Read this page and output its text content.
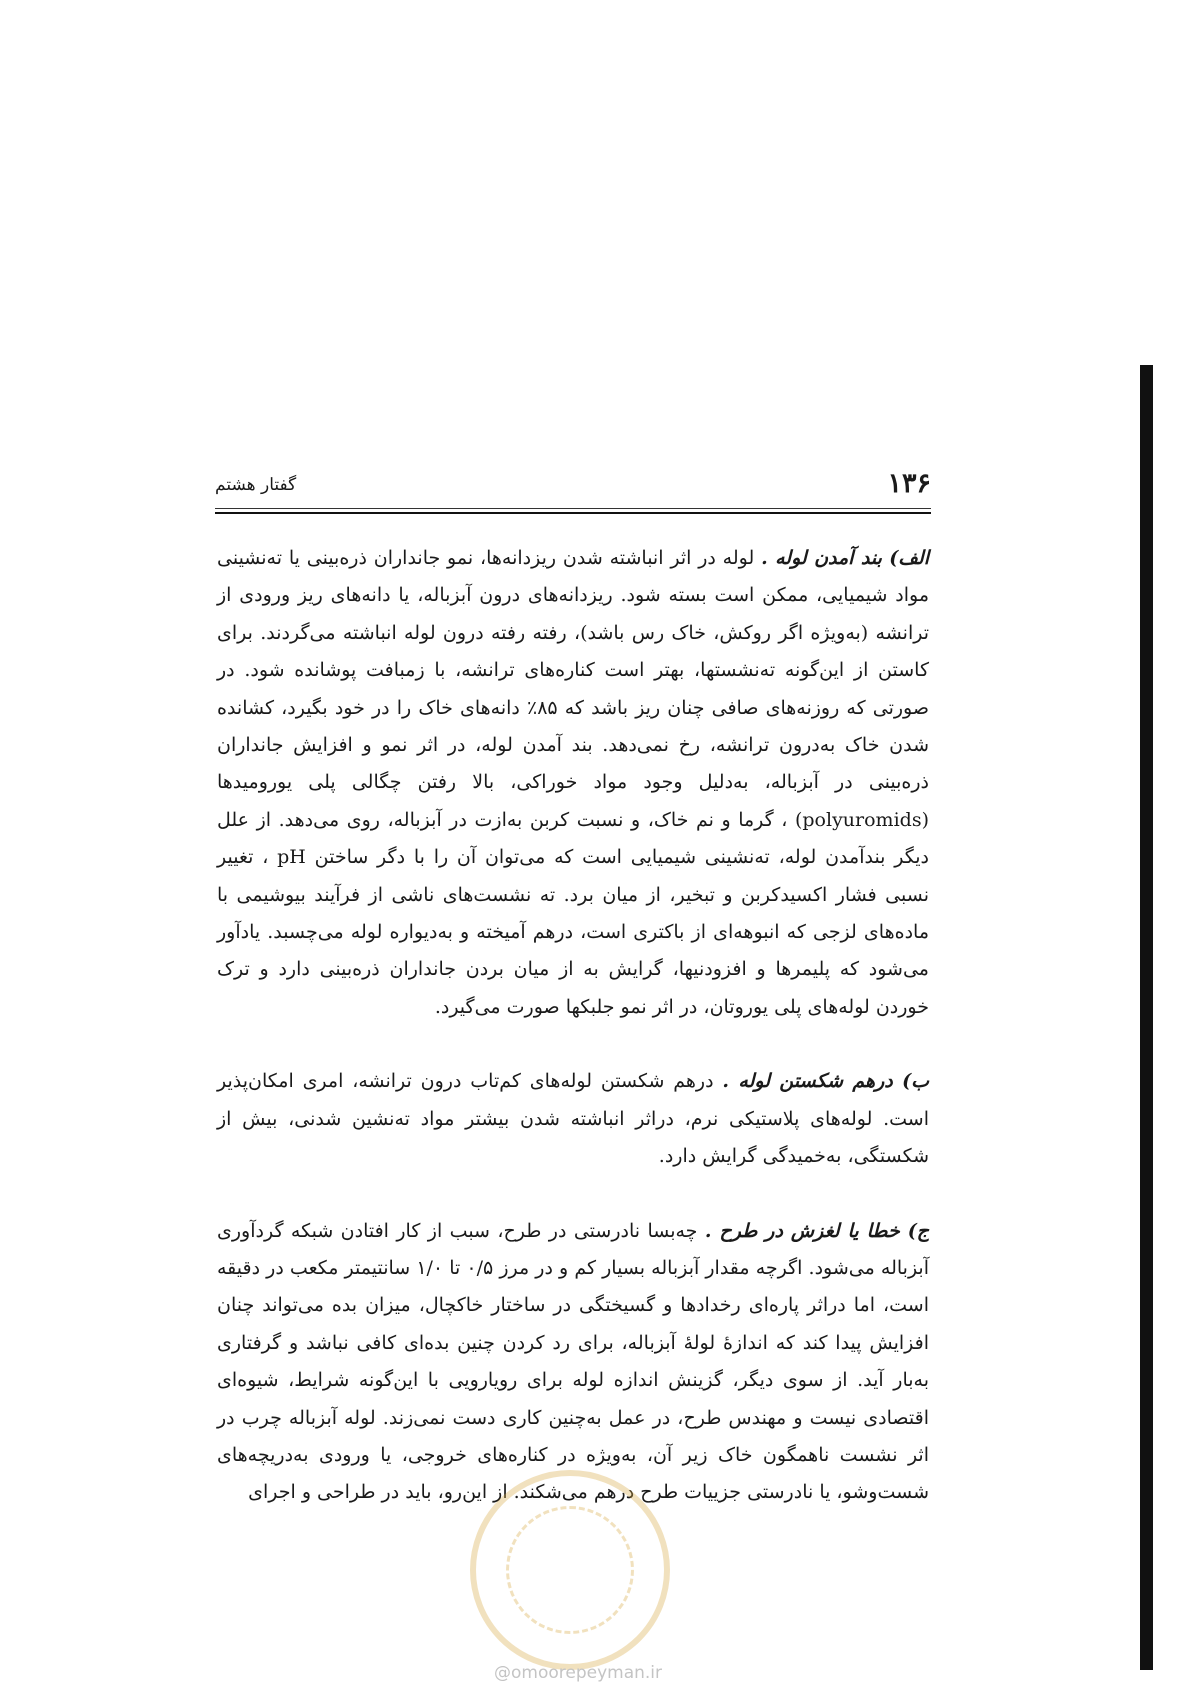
۱۳۶
گفتار هشتم

الف) بند آمدن لوله . لوله در اثر انباشته شدن ریزدانه‌ها، نمو جانداران ذره‌بینی یا ته‌نشینی مواد شیمیایی، ممکن است بسته شود. ریزدانه‌های درون آبزباله، یا دانه‌های ریز ورودی از ترانشه (به‌ویژه اگر روکش، خاک رس باشد)، رفته رفته درون لوله انباشته می‌گردند. برای کاستن از این‌گونه ته‌نشستها، بهتر است کناره‌های ترانشه، با زمبافت پوشانده شود. در صورتی که روزنه‌های صافی چنان ریز باشد که ۸۵٪ دانه‌های خاک را در خود بگیرد، کشانده شدن خاک به‌درون ترانشه، رخ نمی‌دهد. بند آمدن لوله، در اثر نمو و افزایش جانداران ذره‌بینی در آبزباله، به‌دلیل وجود مواد خوراکی، بالا رفتن چگالی پلی یورومیدها (polyuromids) ، گرما و نم خاک، و نسبت کربن به‌ازت در آبزباله، روی می‌دهد. از علل دیگر بندآمدن لوله، ته‌نشینی شیمیایی است که می‌توان آن را با دگر ساختن pH ، تغییر نسبی فشار اکسیدکربن و تبخیر، از میان برد. ته نشست‌های ناشی از فرآیند بیوشیمی با ماده‌های لزجی که انبوهه‌ای از باکتری است، درهم آمیخته و به‌دیواره لوله می‌چسبد. یادآور می‌شود که پلیمرها و افزودنیها، گرایش به از میان بردن جانداران ذره‌بینی دارد و ترک خوردن لوله‌های پلی یوروتان، در اثر نمو جلبکها صورت می‌گیرد.

ب) درهم شکستن لوله . درهم شکستن لوله‌های کم‌تاب درون ترانشه، امری امکان‌پذیر است. لوله‌های پلاستیکی نرم، دراثر انباشته شدن بیشتر مواد ته‌نشین شدنی، بیش از شکستگی، به‌خمیدگی گرایش دارد.

ج) خطا یا لغزش در طرح . چه‌بسا نادرستی در طرح، سبب از کار افتادن شبکه گردآوری آبزباله می‌شود. اگرچه مقدار آبزباله بسیار کم و در مرز ۰/۵ تا ۱/۰ سانتیمتر مکعب در دقیقه است، اما دراثر پاره‌ای رخدادها و گسیختگی در ساختار خاکچال، میزان بده می‌تواند چنان افزایش پیدا کند که اندازهٔ لولهٔ آبزباله، برای رد کردن چنین بده‌ای کافی نباشد و گرفتاری به‌بار آید. از سوی دیگر، گزینش اندازه لوله برای رویارویی با این‌گونه شرایط، شیوه‌ای اقتصادی نیست و مهندس طرح، در عمل به‌چنین کاری دست نمی‌زند. لوله آبزباله چرب در اثر نشست ناهمگون خاک زیر آن، به‌ویژه در کناره‌های خروجی، یا ورودی به‌دریچه‌های شست‌وشو، یا نادرستی جزییات طرح درهم می‌شکند. از این‌رو، باید در طراحی و اجرای

@omoorepeyman.ir
